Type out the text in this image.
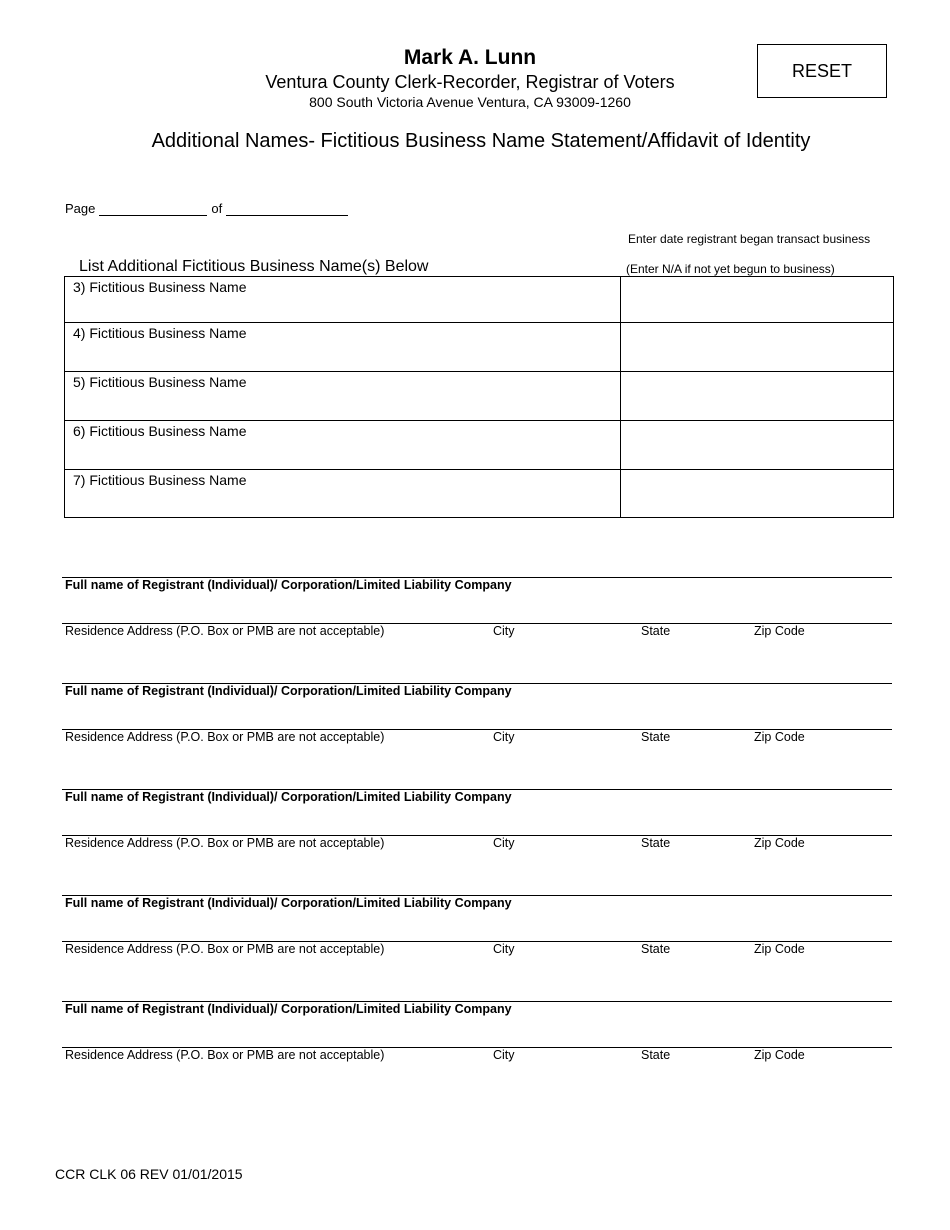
Mark A. Lunn
Ventura County Clerk-Recorder, Registrar of Voters
800 South Victoria Avenue Ventura, CA 93009-1260
RESET
Additional Names- Fictitious Business Name Statement/Affidavit of Identity
Page	of
Enter date registrant began transact business
List Additional Fictitious Business Name(s) Below	(Enter N/A if not yet begun to business)
3) Fictitious Business Name	
4) Fictitious Business Name	
5) Fictitious Business Name	
6) Fictitious Business Name	
7) Fictitious Business Name	
Full name of Registrant (Individual)/ Corporation/Limited Liability Company
Residence Address (P.O. Box or PMB are not acceptable)	City	State	Zip Code
Full name of Registrant (Individual)/ Corporation/Limited Liability Company
Residence Address (P.O. Box or PMB are not acceptable)	City	State	Zip Code
Full name of Registrant (Individual)/ Corporation/Limited Liability Company
Residence Address (P.O. Box or PMB are not acceptable)	City	State	Zip Code
Full name of Registrant (Individual)/ Corporation/Limited Liability Company
Residence Address (P.O. Box or PMB are not acceptable)	City	State	Zip Code
Full name of Registrant (Individual)/ Corporation/Limited Liability Company
Residence Address (P.O. Box or PMB are not acceptable)	City	State	Zip Code
CCR CLK 06 REV 01/01/2015
